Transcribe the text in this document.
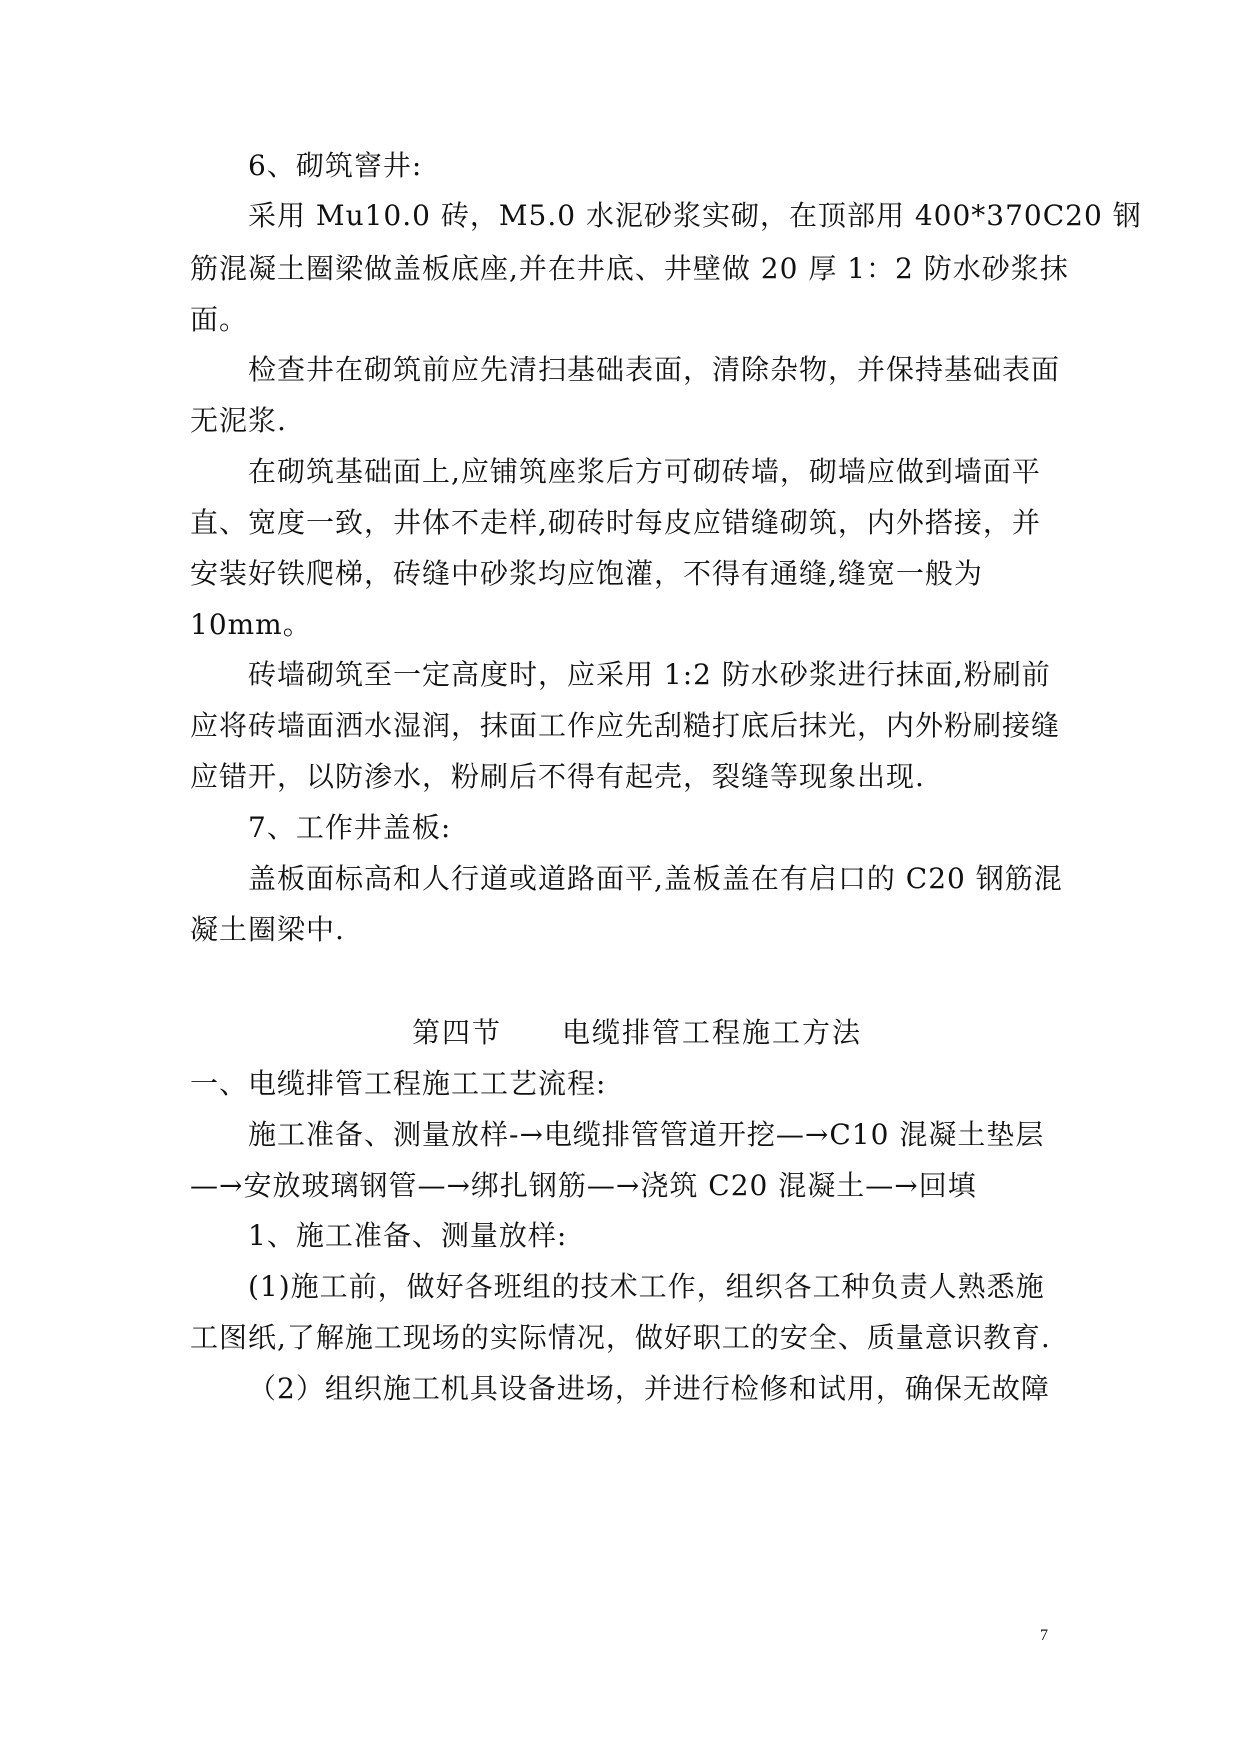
6、砌筑窨井:
采用 Mu10.0 砖，M5.0 水泥砂浆实砌，在顶部用 400*370C20 钢
筋混凝土圈梁做盖板底座,并在井底、井壁做 20 厚 1：2 防水砂浆抹
面。
检查井在砌筑前应先清扫基础表面，清除杂物，并保持基础表面
无泥浆.
在砌筑基础面上,应铺筑座浆后方可砌砖墙，砌墙应做到墙面平
直、宽度一致，井体不走样,砌砖时每皮应错缝砌筑，内外搭接，并
安装好铁爬梯，砖缝中砂浆均应饱灌，不得有通缝,缝宽一般为
10mm。
砖墙砌筑至一定高度时，应采用 1:2 防水砂浆进行抹面,粉刷前
应将砖墙面洒水湿润，抹面工作应先刮糙打底后抹光，内外粉刷接缝
应错开，以防渗水，粉刷后不得有起壳，裂缝等现象出现.
7、工作井盖板:
盖板面标高和人行道或道路面平,盖板盖在有启口的 C20 钢筋混
凝土圈梁中.
第四节　　电缆排管工程施工方法
一、电缆排管工程施工工艺流程:
施工准备、测量放样-→电缆排管管道开挖—→C10 混凝土垫层
—→安放玻璃钢管—→绑扎钢筋—→浇筑 C20 混凝土—→回填
1、施工准备、测量放样:
(1)施工前，做好各班组的技术工作，组织各工种负责人熟悉施
工图纸,了解施工现场的实际情况，做好职工的安全、质量意识教育.
（2）组织施工机具设备进场，并进行检修和试用，确保无故障
7
